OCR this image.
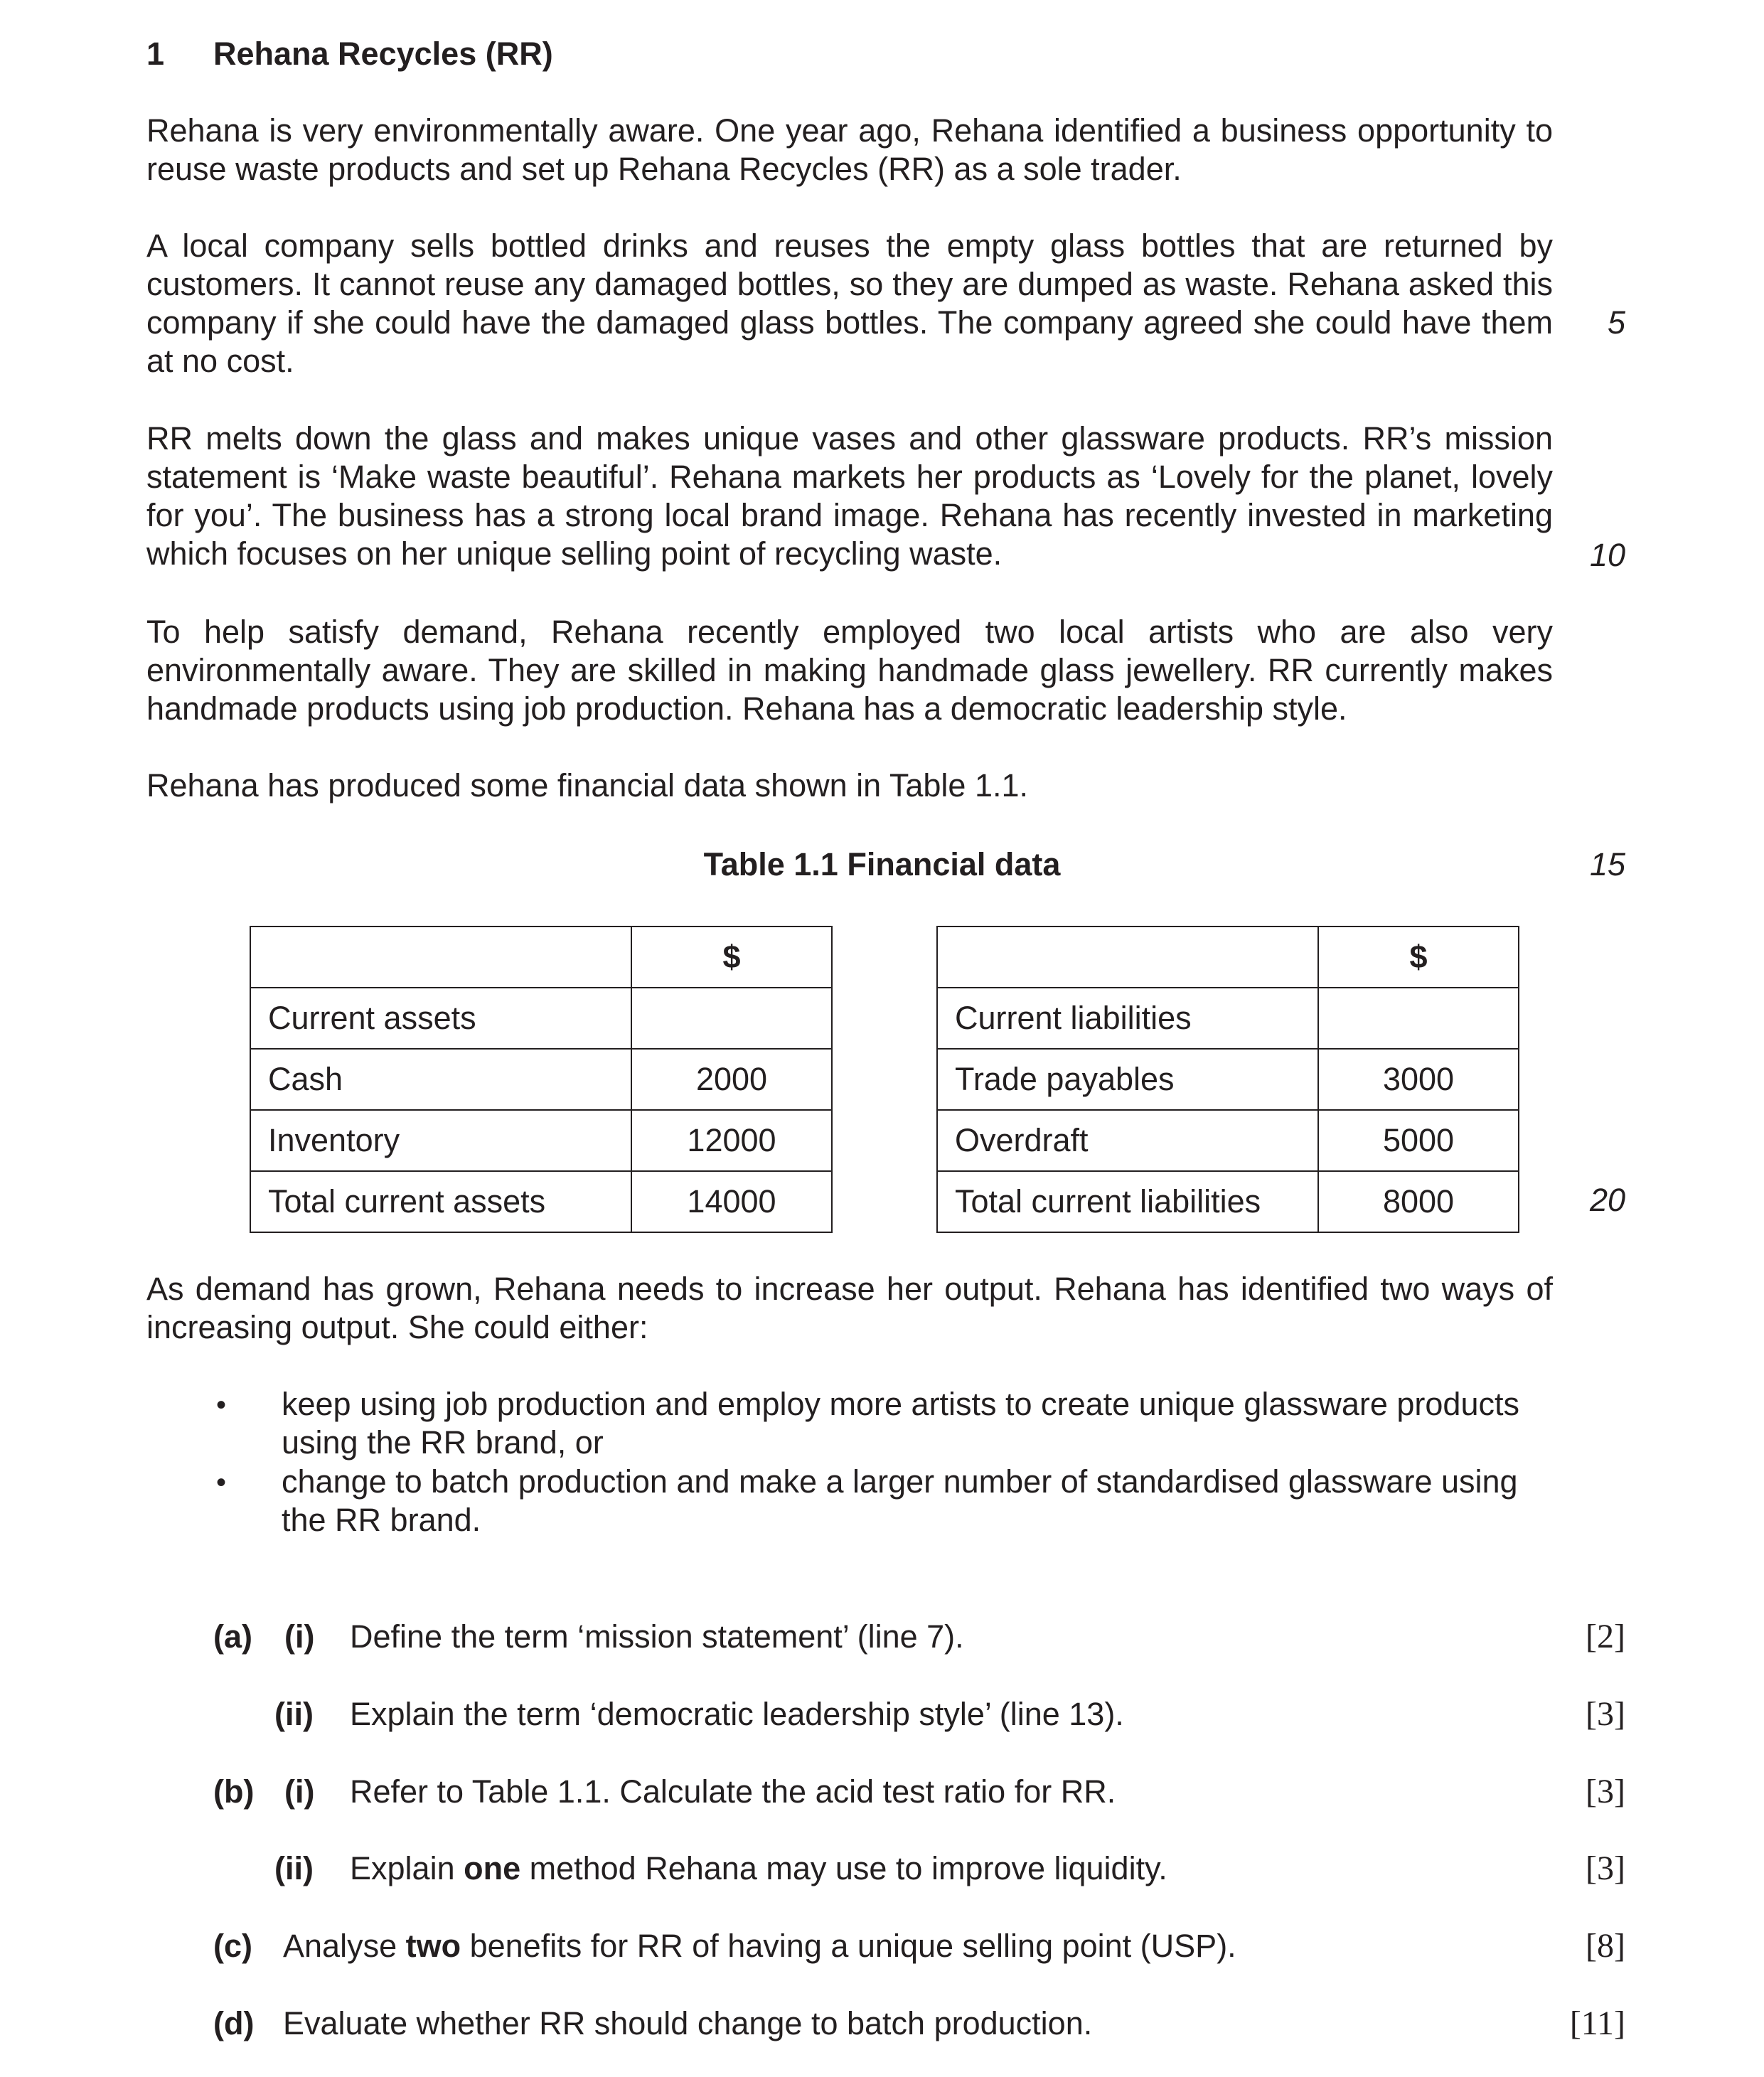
1 Rehana Recycles (RR)
Rehana is very environmentally aware. One year ago, Rehana identified a business opportunity to reuse waste products and set up Rehana Recycles (RR) as a sole trader.
A local company sells bottled drinks and reuses the empty glass bottles that are returned by customers. It cannot reuse any damaged bottles, so they are dumped as waste. Rehana asked this company if she could have the damaged glass bottles. The company agreed she could have them at no cost.
RR melts down the glass and makes unique vases and other glassware products. RR’s mission statement is ‘Make waste beautiful’. Rehana markets her products as ‘Lovely for the planet, lovely for you’. The business has a strong local brand image. Rehana has recently invested in marketing which focuses on her unique selling point of recycling waste.
To help satisfy demand, Rehana recently employed two local artists who are also very environmentally aware. They are skilled in making handmade glass jewellery. RR currently makes handmade products using job production. Rehana has a democratic leadership style.
Rehana has produced some financial data shown in Table 1.1.
5
10
15
20
Table 1.1 Financial data
	$
Current assets	
Cash	2000
Inventory	12000
Total current assets	14000
	$
Current liabilities	
Trade payables	3000
Overdraft	5000
Total current liabilities	8000
As demand has grown, Rehana needs to increase her output. Rehana has identified two ways of increasing output. She could either:
• keep using job production and employ more artists to create unique glassware products using the RR brand, or
• change to batch production and make a larger number of standardised glassware using the RR brand.
(a) (i) Define the term ‘mission statement’ (line 7).	[2]
(ii) Explain the term ‘democratic leadership style’ (line 13).	[3]
(b) (i) Refer to Table 1.1. Calculate the acid test ratio for RR.	[3]
(ii) Explain one method Rehana may use to improve liquidity.	[3]
(c) Analyse two benefits for RR of having a unique selling point (USP).	[8]
(d) Evaluate whether RR should change to batch production.	[11]
